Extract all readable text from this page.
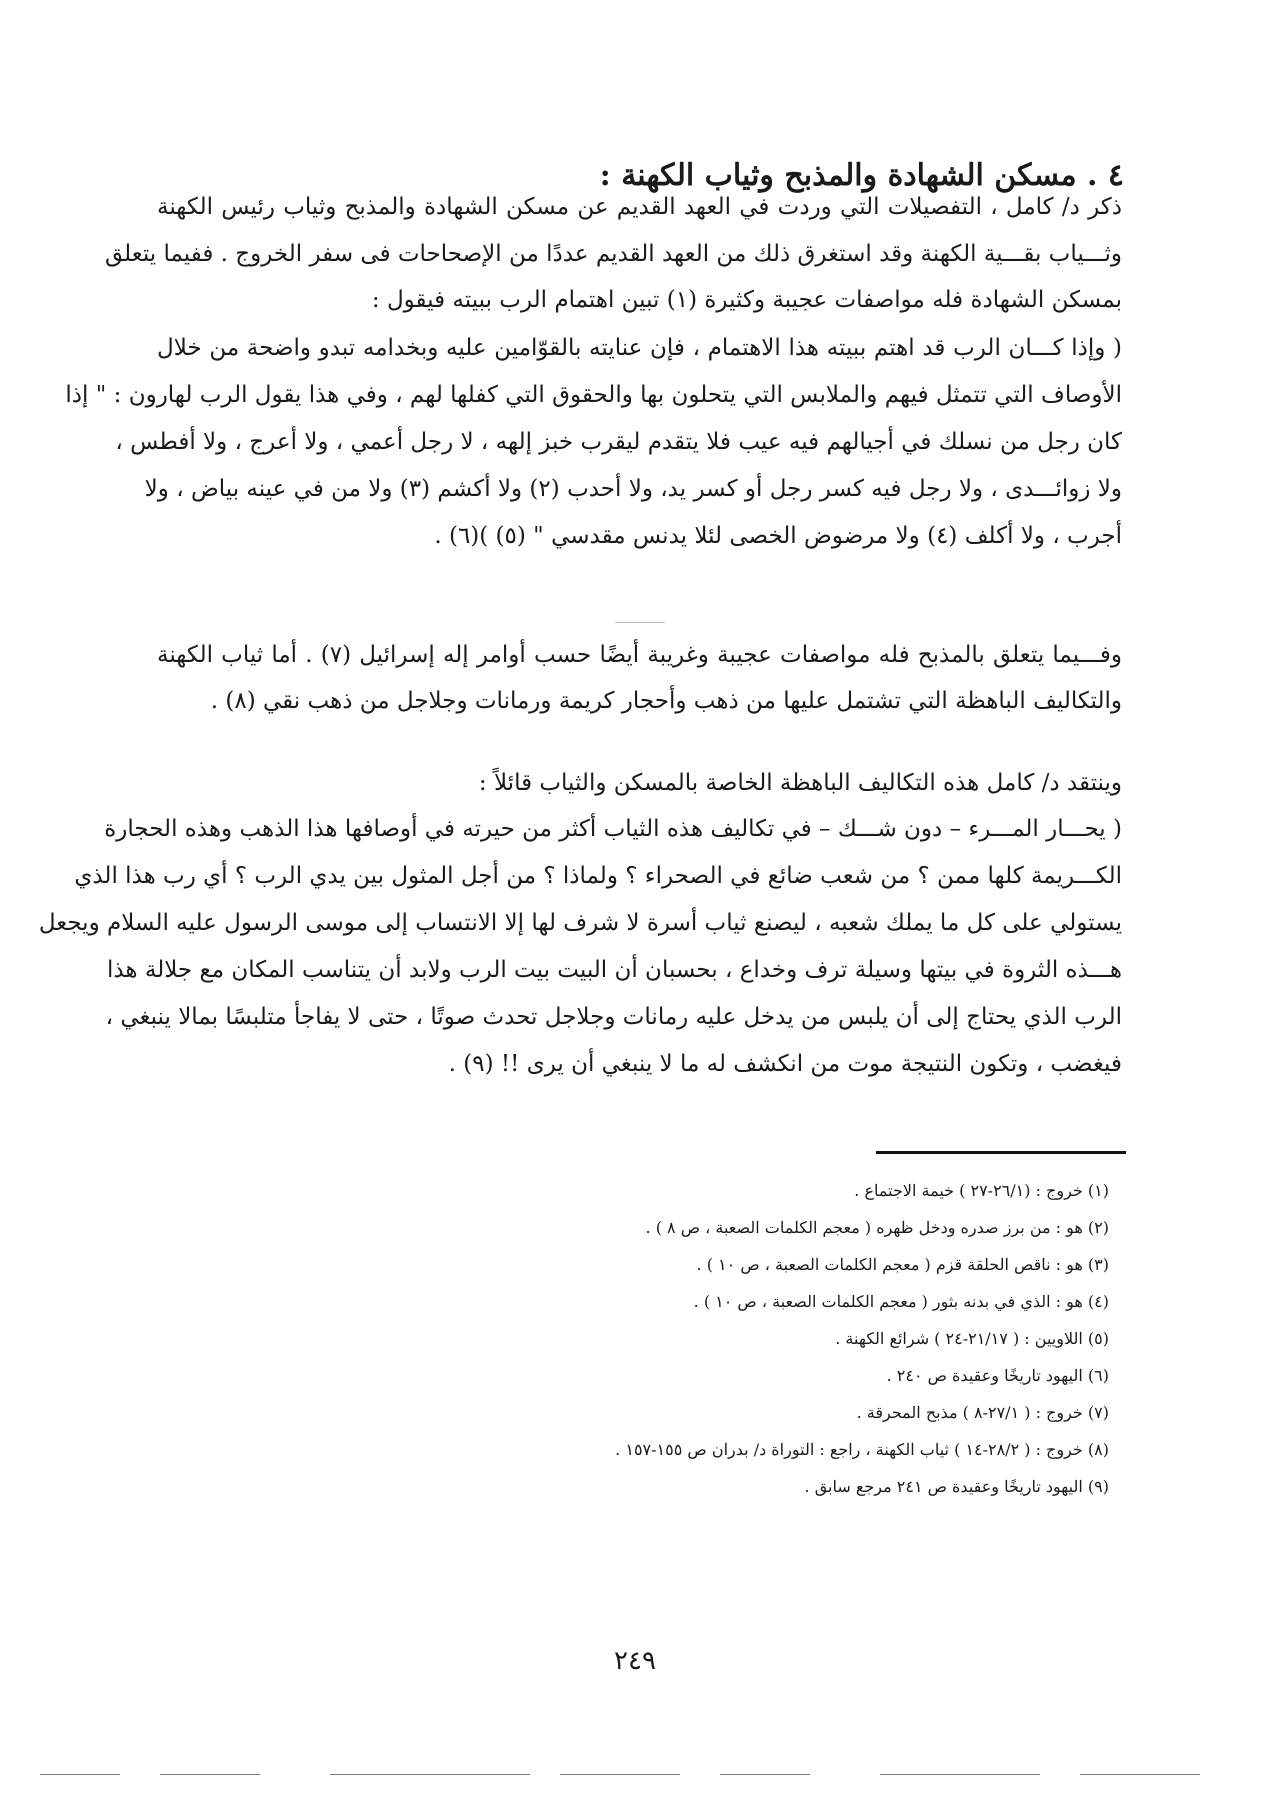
٤ . مسكن الشهادة والمذبح وثياب الكهنة :
ذكر د/ كامل ، التفصيلات التي وردت في العهد القديم عن مسكن الشهادة والمذبح وثياب رئيس الكهنة
وثـــياب بقـــية الكهنة وقد استغرق ذلك من العهد القديم عددًا من الإصحاحات فى سفر الخروج . ففيما يتعلق
بمسكن الشهادة فله مواصفات عجيبة وكثيرة (١) تبين اهتمام الرب ببيته فيقول :
( وإذا كـــان الرب قد اهتم ببيته هذا الاهتمام ، فإن عنايته بالقوّامين عليه وبخدامه تبدو واضحة من خلال
الأوصاف التي تتمثل فيهم والملابس التي يتحلون بها والحقوق التي كفلها لهم ، وفي هذا يقول الرب لهارون : " إذا
كان رجل من نسلك في أجيالهم فيه عيب فلا يتقدم ليقرب خبز إلهه ، لا رجل أعمي ، ولا أعرج ، ولا أفطس ،
ولا زوائـــدى ، ولا رجل فيه كسر رجل أو كسر يد، ولا أحدب (٢) ولا أكشم (٣) ولا من في عينه بياض ، ولا
أجرب ، ولا أكلف (٤) ولا مرضوض الخصى لئلا يدنس مقدسي " (٥) )(٦) .
وفـــيما يتعلق بالمذبح فله مواصفات عجيبة وغريبة أيضًا حسب أوامر إله إسرائيل (٧) . أما ثياب الكهنة
والتكاليف الباهظة التي تشتمل عليها من ذهب وأحجار كريمة ورمانات وجلاجل من ذهب نقي (٨) .
وينتقد د/ كامل هذه التكاليف الباهظة الخاصة بالمسكن والثياب قائلاً :
( يحـــار المـــرء – دون شـــك – في تكاليف هذه الثياب أكثر من حيرته في أوصافها هذا الذهب وهذه الحجارة
الكـــريمة كلها ممن ؟ من شعب ضائع في الصحراء ؟ ولماذا ؟ من أجل المثول بين يدي الرب ؟ أي رب هذا الذي
يستولي على كل ما يملك شعبه ، ليصنع ثياب أسرة لا شرف لها إلا الانتساب إلى موسى الرسول عليه السلام ويجعل
هـــذه الثروة في بيتها وسيلة ترف وخداع ، بحسبان أن البيت بيت الرب ولابد أن يتناسب المكان مع جلالة هذا
الرب الذي يحتاج إلى أن يلبس من يدخل عليه رمانات وجلاجل تحدث صوتًا ، حتى لا يفاجأ متلبسًا بمالا ينبغي ،
فيغضب ، وتكون النتيجة موت من انكشف له ما لا ينبغي أن يرى !! (٩) .
(١) خروج : (٢٦/١-٢٧ ) خيمة الاجتماع .
(٢) هو : من برز صدره ودخل ظهره ( معجم الكلمات الصعبة ، ص ٨ ) .
(٣) هو : ناقص الحلقة قزم ( معجم الكلمات الصعبة ، ص ١٠ ) .
(٤) هو : الذي في بدنه بثور ( معجم الكلمات الصعبة ، ص ١٠ ) .
(٥) اللاويين : ( ٢١/١٧-٢٤ ) شرائع الكهنة .
(٦) اليهود تاريخًا وعقيدة ص ٢٤٠ .
(٧) خروج : ( ٢٧/١-٨ ) مذبح المحرقة .
(٨) خروج : ( ٢٨/٢-١٤ ) ثياب الكهنة ، راجع : التوراة د/ بدران ص ١٥٥-١٥٧ .
(٩) اليهود تاريخًا وعقيدة ص ٢٤١ مرجع سابق .
٢٤٩
